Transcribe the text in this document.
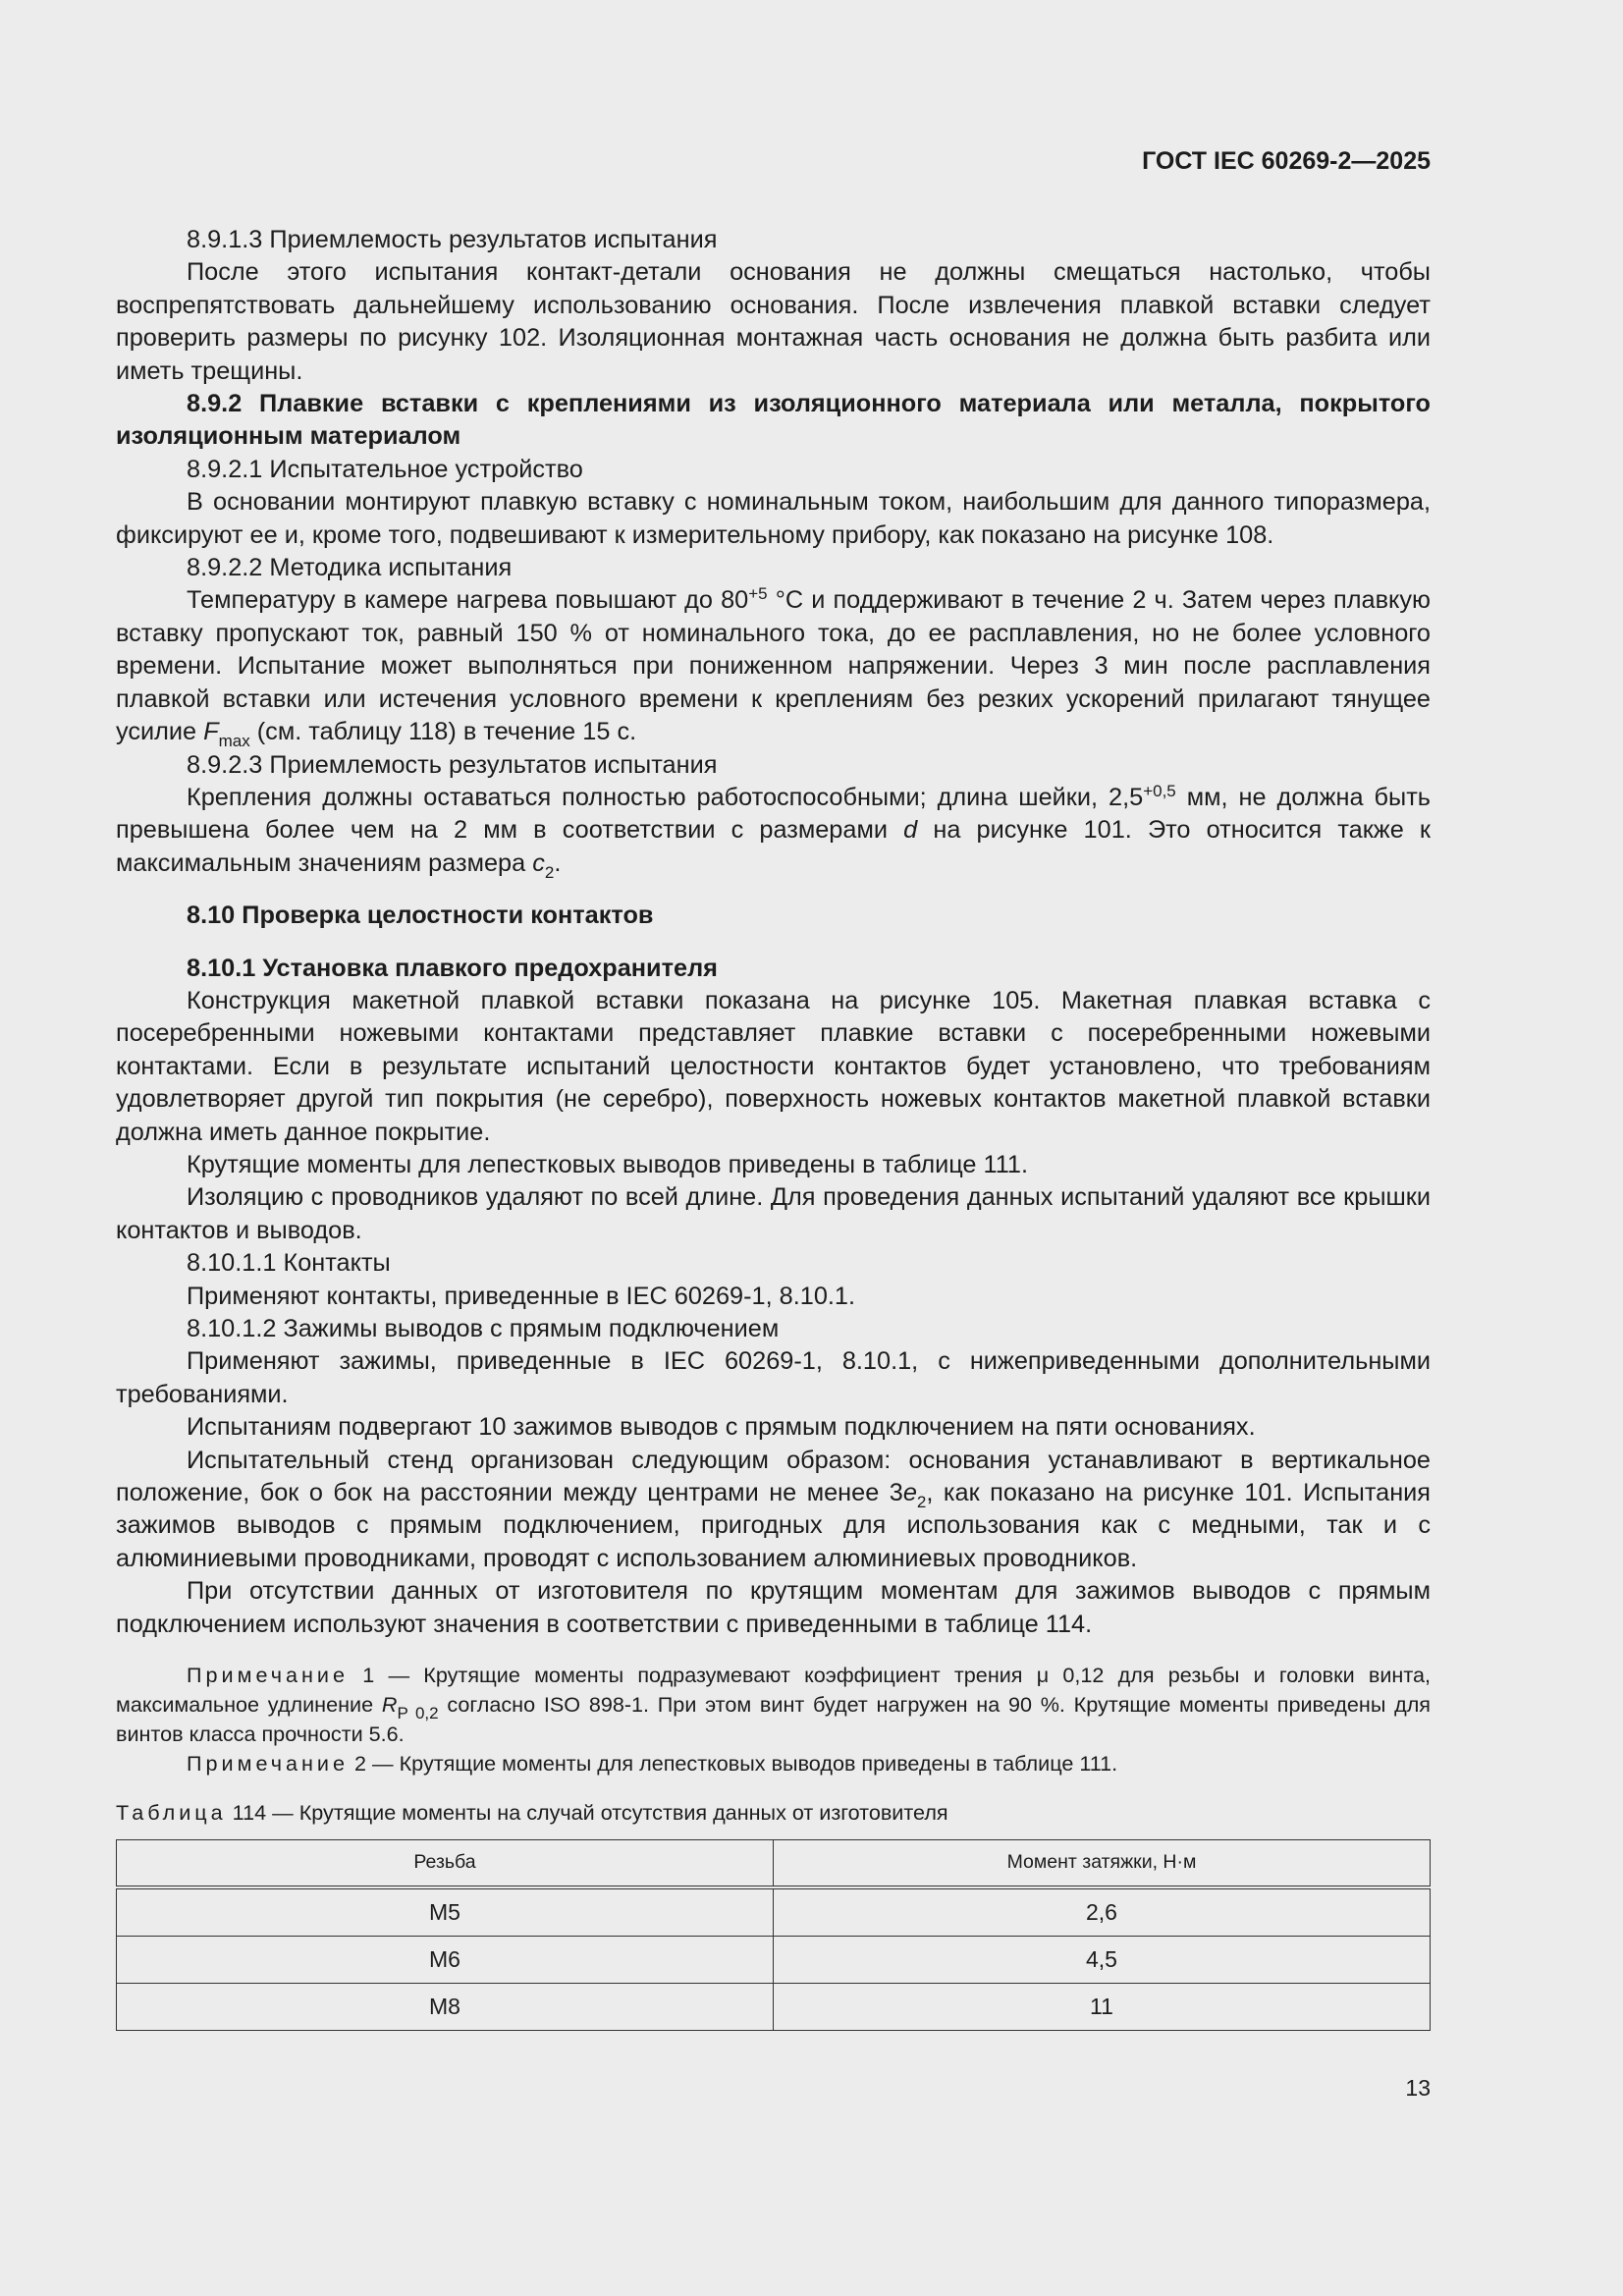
ГОСТ IEC 60269-2—2025

8.9.1.3 Приемлемость результатов испытания

После этого испытания контакт-детали основания не должны смещаться настолько, чтобы воспрепятствовать дальнейшему использованию основания. После извлечения плавкой вставки следует проверить размеры по рисунку 102. Изоляционная монтажная часть основания не должна быть разбита или иметь трещины.

8.9.2 Плавкие вставки с креплениями из изоляционного материала или металла, покрытого изоляционным материалом

8.9.2.1 Испытательное устройство

В основании монтируют плавкую вставку с номинальным током, наибольшим для данного типоразмера, фиксируют ее и, кроме того, подвешивают к измерительному прибору, как показано на рисунке 108.

8.9.2.2 Методика испытания

Температуру в камере нагрева повышают до $80^{+5}$ °C и поддерживают в течение 2 ч. Затем через плавкую вставку пропускают ток, равный 150 % от номинального тока, до ее расплавления, но не более условного времени. Испытание может выполняться при пониженном напряжении. Через 3 мин после расплавления плавкой вставки или истечения условного времени к креплениям без резких ускорений прилагают тянущее усилие $F_{max}$ (см. таблицу 118) в течение 15 с.

8.9.2.3 Приемлемость результатов испытания

Крепления должны оставаться полностью работоспособными; длина шейки, $2,5^{+0,5}$ мм, не должна быть превышена более чем на 2 мм в соответствии с размерами d на рисунке 101. Это относится также к максимальным значениям размера $c_2$.

8.10 Проверка целостности контактов

8.10.1 Установка плавкого предохранителя

Конструкция макетной плавкой вставки показана на рисунке 105. Макетная плавкая вставка с посеребренными ножевыми контактами представляет плавкие вставки с посеребренными ножевыми контактами. Если в результате испытаний целостности контактов будет установлено, что требованиям удовлетворяет другой тип покрытия (не серебро), поверхность ножевых контактов макетной плавкой вставки должна иметь данное покрытие.

Крутящие моменты для лепестковых выводов приведены в таблице 111.

Изоляцию с проводников удаляют по всей длине. Для проведения данных испытаний удаляют все крышки контактов и выводов.

8.10.1.1 Контакты

Применяют контакты, приведенные в IEC 60269-1, 8.10.1.

8.10.1.2 Зажимы выводов с прямым подключением

Применяют зажимы, приведенные в IEC 60269-1, 8.10.1, с нижеприведенными дополнительными требованиями.

Испытаниям подвергают 10 зажимов выводов с прямым подключением на пяти основаниях.

Испытательный стенд организован следующим образом: основания устанавливают в вертикальное положение, бок о бок на расстоянии между центрами не менее $3e_2$, как показано на рисунке 101. Испытания зажимов выводов с прямым подключением, пригодных для использования как с медными, так и с алюминиевыми проводниками, проводят с использованием алюминиевых проводников.

При отсутствии данных от изготовителя по крутящим моментам для зажимов выводов с прямым подключением используют значения в соответствии с приведенными в таблице 114.

Примечание 1 — Крутящие моменты подразумевают коэффициент трения μ 0,12 для резьбы и головки винта, максимальное удлинение $R_{P 0,2}$ согласно ISO 898-1. При этом винт будет нагружен на 90 %. Крутящие моменты приведены для винтов класса прочности 5.6.

Примечание 2 — Крутящие моменты для лепестковых выводов приведены в таблице 111.

Таблица 114 — Крутящие моменты на случай отсутствия данных от изготовителя

Резьба	Момент затяжки, Н·м
M5	2,6
M6	4,5
M8	11
13
